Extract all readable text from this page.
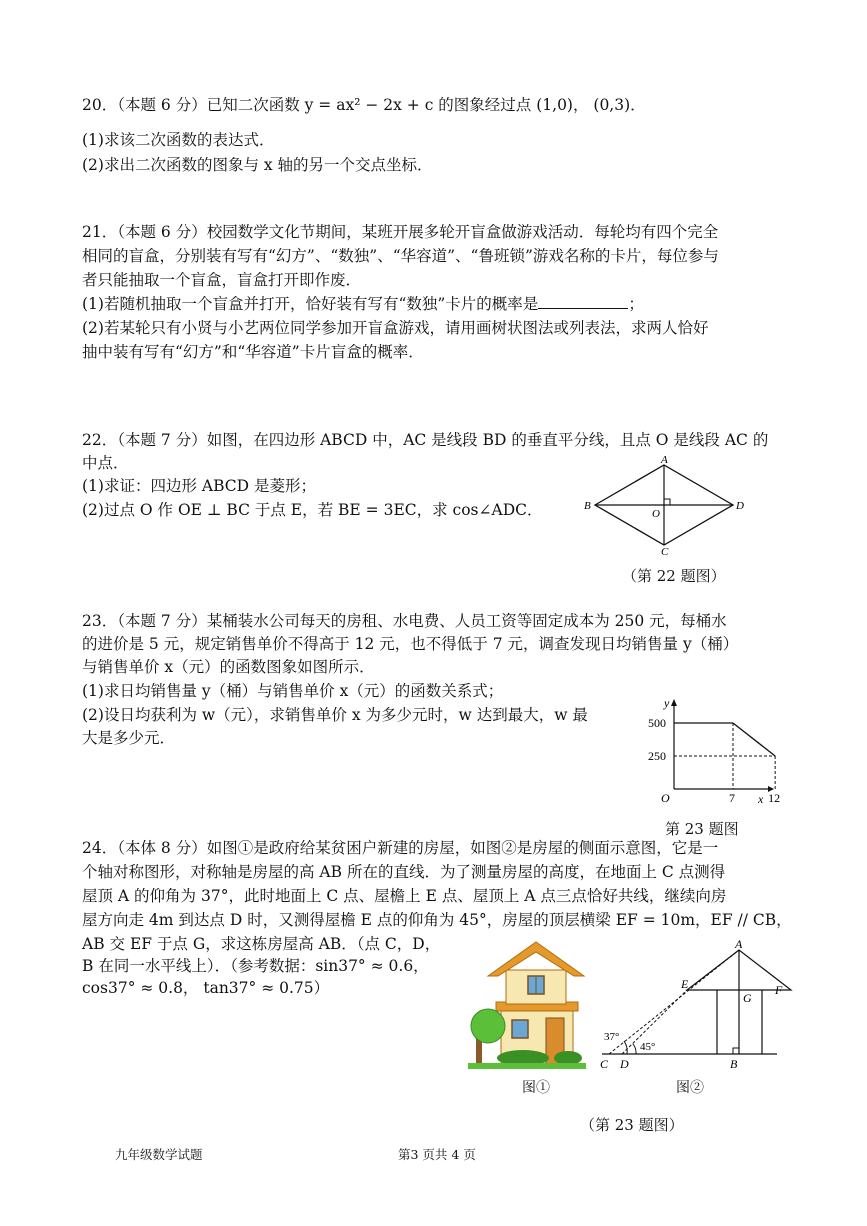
20．（本题 6 分）已知二次函数 y = ax² − 2x + c 的图象经过点 (1,0)， (0,3)．
(1)求该二次函数的表达式．
(2)求出二次函数的图象与 x 轴的另一个交点坐标．
21．（本题 6 分）校园数学文化节期间，某班开展多轮开盲盒做游戏活动．每轮均有四个完全
相同的盲盒，分别装有写有“幻方”、“数独”、“华容道”、“鲁班锁”游戏名称的卡片，每位参与
者只能抽取一个盲盒，盲盒打开即作废．
(1)若随机抽取一个盲盒并打开，恰好装有写有“数独”卡片的概率是	；
(2)若某轮只有小贤与小艺两位同学参加开盲盒游戏，请用画树状图法或列表法，求两人恰好
抽中装有写有“幻方”和“华容道”卡片盲盒的概率．
22．（本题 7 分）如图，在四边形 ABCD 中，AC 是线段 BD 的垂直平分线，且点 O 是线段 AC 的
中点．
(1)求证：四边形 ABCD 是菱形；
(2)过点 O 作 OE ⊥ BC 于点 E，若 BE = 3EC，求 cos∠ADC．
A
B
C
D
O
（第 22 题图）
23．（本题 7 分）某桶装水公司每天的房租、水电费、人员工资等固定成本为 250 元，每桶水
的进价是 5 元，规定销售单价不得高于 12 元，也不得低于 7 元，调查发现日均销售量 y（桶）
与销售单价 x（元）的函数图象如图所示．
(1)求日均销售量 y（桶）与销售单价 x（元）的函数关系式；
(2)设日均获利为 w（元），求销售单价 x 为多少元时，w 达到最大，w 最
大是多少元．
x
y
O	7	12
500
250
第 23 题图
24．（本体 8 分）如图①是政府给某贫困户新建的房屋，如图②是房屋的侧面示意图，它是一
个轴对称图形，对称轴是房屋的高 AB 所在的直线．为了测量房屋的高度，在地面上 C 点测得
屋顶 A 的仰角为 37°，此时地面上 C 点、屋檐上 E 点、屋顶上 A 点三点恰好共线，继续向房
屋方向走 4m 到达点 D 时，又测得屋檐 E 点的仰角为 45°，房屋的顶层横梁 EF = 10m，EF // CB，
AB 交 EF 于点 G，求这栋房屋高 AB．（点 C，D，
B 在同一水平线上）．（参考数据：sin37° ≈ 0.6，
cos37° ≈ 0.8， tan37° ≈ 0.75）
图①
37°
45°
A
E
G
F
C D	B
图②
（第 23 题图）
九年级数学试题	第3 页共 4 页
